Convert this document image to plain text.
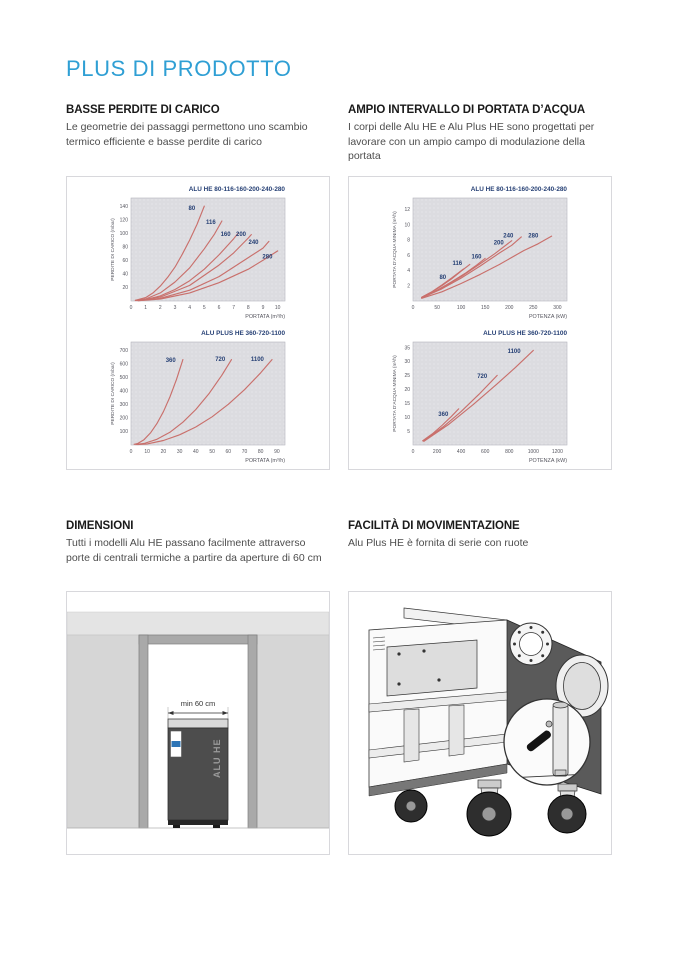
PLUS DI PRODOTTO
BASSE PERDITE DI CARICO

Le geometrie dei passaggi permettono uno scambio termico efficiente e basse perdite di carico

AMPIO INTERVALLO DI PORTATA D’ACQUA

I corpi delle Alu HE e Alu Plus HE sono progettati per lavorare con un ampio campo di modulazione della portata

ALU HE 80-116-160-200-240-280
PORTATA (m³/h)
PERDITE DI CARICO (mbar)
0 1 2 3 4 5 6 7 8 9 10
20
40
60
80
100
120
140	80
116
160 200
240
280
ALU PLUS HE 360-720-1100
PORTATA (m³/h)
PERDITE DI CARICO (mbar)
0 10 20 30 40 50 60 70 80 90
100
200
300
400
500
600
700
360	720	1100
ALU HE 80-116-160-200-240-280
POTENZA (kW)
PORTATA D’ACQUA MINIMA (m³/h)
0	50	100	150	200	250	300
2
4
6
8
10
12
80
116
160
200
240 280
ALU PLUS HE 360-720-1100
POTENZA (kW)
PORTATA D’ACQUA MINIMA (m³/h)
0	200	400	600	800	1000	1200
5
10
15
20
25
30
35
360
720
1100
DIMENSIONI

Tutti i modelli Alu HE passano facilmente attraverso porte di centrali termiche a partire da aperture di 60 cm

FACILITÀ DI MOVIMENTAZIONE

Alu Plus HE è fornita di serie con ruote

min 60 cm
ALU HE
